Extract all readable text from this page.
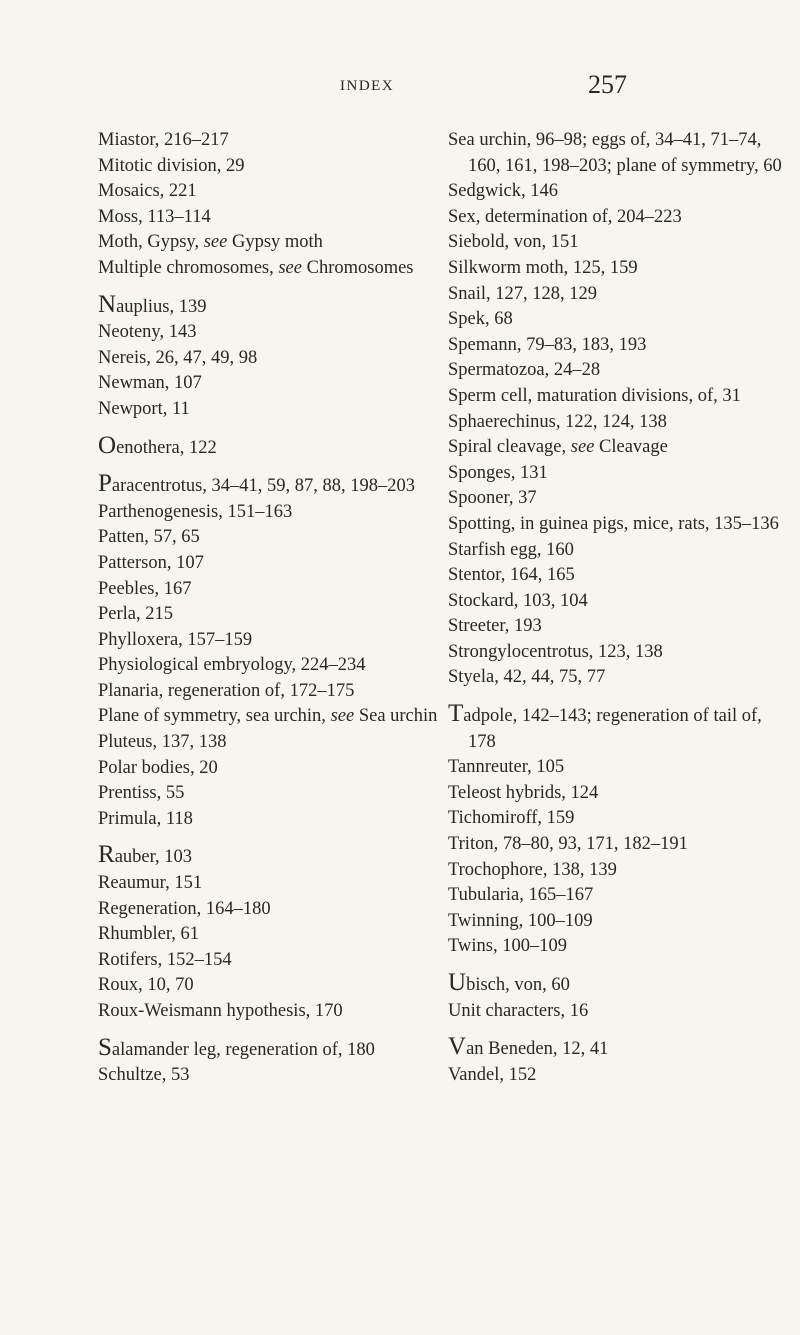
INDEX	257

Miastor, 216–217

Mitotic division, 29

Mosaics, 221

Moss, 113–114

Moth, Gypsy, see Gypsy moth

Multiple chromosomes, see Chromosomes

Nauplius, 139

Neoteny, 143

Nereis, 26, 47, 49, 98

Newman, 107

Newport, 11

Oenothera, 122

Paracentrotus, 34–41, 59, 87, 88, 198–203

Parthenogenesis, 151–163

Patten, 57, 65

Patterson, 107

Peebles, 167

Perla, 215

Phylloxera, 157–159

Physiological embryology, 224–234

Planaria, regeneration of, 172–175

Plane of symmetry, sea urchin, see Sea urchin

Pluteus, 137, 138

Polar bodies, 20

Prentiss, 55

Primula, 118

Rauber, 103

Reaumur, 151

Regeneration, 164–180

Rhumbler, 61

Rotifers, 152–154

Roux, 10, 70

Roux-Weismann hypothesis, 170

Salamander leg, regeneration of, 180

Schultze, 53

Sea urchin, 96–98; eggs of, 34–41, 71–74, 160, 161, 198–203; plane of symmetry, 60

Sedgwick, 146

Sex, determination of, 204–223

Siebold, von, 151

Silkworm moth, 125, 159

Snail, 127, 128, 129

Spek, 68

Spemann, 79–83, 183, 193

Spermatozoa, 24–28

Sperm cell, maturation divisions, of, 31

Sphaerechinus, 122, 124, 138

Spiral cleavage, see Cleavage

Sponges, 131

Spooner, 37

Spotting, in guinea pigs, mice, rats, 135–136

Starfish egg, 160

Stentor, 164, 165

Stockard, 103, 104

Streeter, 193

Strongylocentrotus, 123, 138

Styela, 42, 44, 75, 77

Tadpole, 142–143; regeneration of tail of, 178

Tannreuter, 105

Teleost hybrids, 124

Tichomiroff, 159

Triton, 78–80, 93, 171, 182–191

Trochophore, 138, 139

Tubularia, 165–167

Twinning, 100–109

Twins, 100–109

Ubisch, von, 60

Unit characters, 16

Van Beneden, 12, 41

Vandel, 152
